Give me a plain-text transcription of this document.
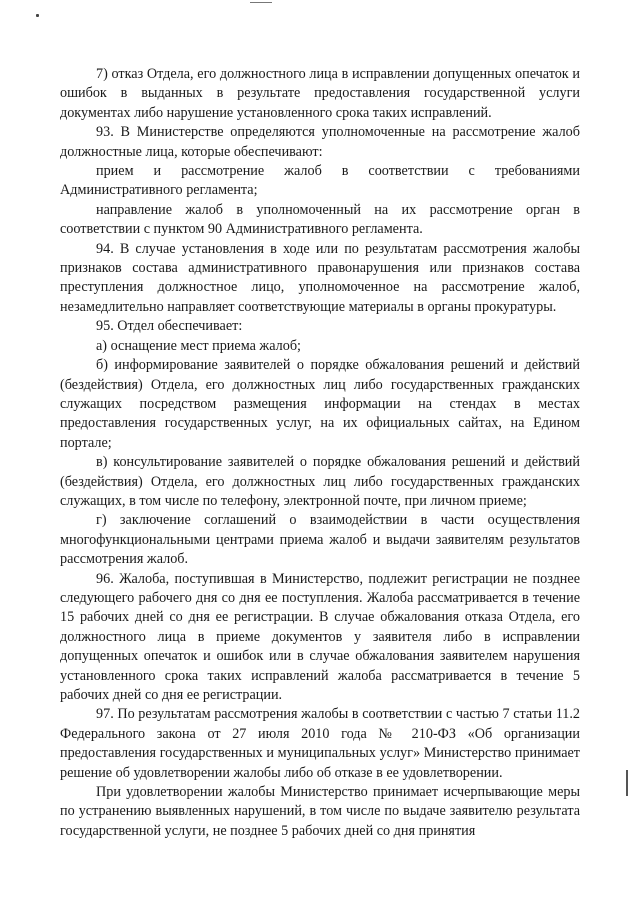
7) отказ Отдела, его должностного лица в исправлении допущенных опечаток и ошибок в выданных в результате предоставления государственной услуги документах либо нарушение установленного срока таких исправлений.

93. В Министерстве определяются уполномоченные на рассмотрение жалоб должностные лица, которые обеспечивают:

прием и рассмотрение жалоб в соответствии с требованиями Административного регламента;

направление жалоб в уполномоченный на их рассмотрение орган в соответствии с пунктом 90 Административного регламента.

94. В случае установления в ходе или по результатам рассмотрения жалобы признаков состава административного правонарушения или признаков состава преступления должностное лицо, уполномоченное на рассмотрение жалоб, незамедлительно направляет соответствующие материалы в органы прокуратуры.

95. Отдел обеспечивает:

а) оснащение мест приема жалоб;

б) информирование заявителей о порядке обжалования решений и действий (бездействия) Отдела, его должностных лиц либо государственных гражданских служащих посредством размещения информации на стендах в местах предоставления государственных услуг, на их официальных сайтах, на Едином портале;

в) консультирование заявителей о порядке обжалования решений и действий (бездействия) Отдела, его должностных лиц либо государственных гражданских служащих, в том числе по телефону, электронной почте, при личном приеме;

г) заключение соглашений о взаимодействии в части осуществления многофункциональными центрами приема жалоб и выдачи заявителям результатов рассмотрения жалоб.

96. Жалоба, поступившая в Министерство, подлежит регистрации не позднее следующего рабочего дня со дня ее поступления. Жалоба рассматривается в течение 15 рабочих дней со дня ее регистрации. В случае обжалования отказа Отдела, его должностного лица в приеме документов у заявителя либо в исправлении допущенных опечаток и ошибок или в случае обжалования заявителем нарушения установленного срока таких исправлений жалоба рассматривается в течение 5 рабочих дней со дня ее регистрации.

97. По результатам рассмотрения жалобы в соответствии с частью 7 статьи 11.2 Федерального закона от 27 июля 2010 года № 210-ФЗ «Об организации предоставления государственных и муниципальных услуг» Министерство принимает решение об удовлетворении жалобы либо об отказе в ее удовлетворении.

При удовлетворении жалобы Министерство принимает исчерпывающие меры по устранению выявленных нарушений, в том числе по выдаче заявителю результата государственной услуги, не позднее 5 рабочих дней со дня принятия
